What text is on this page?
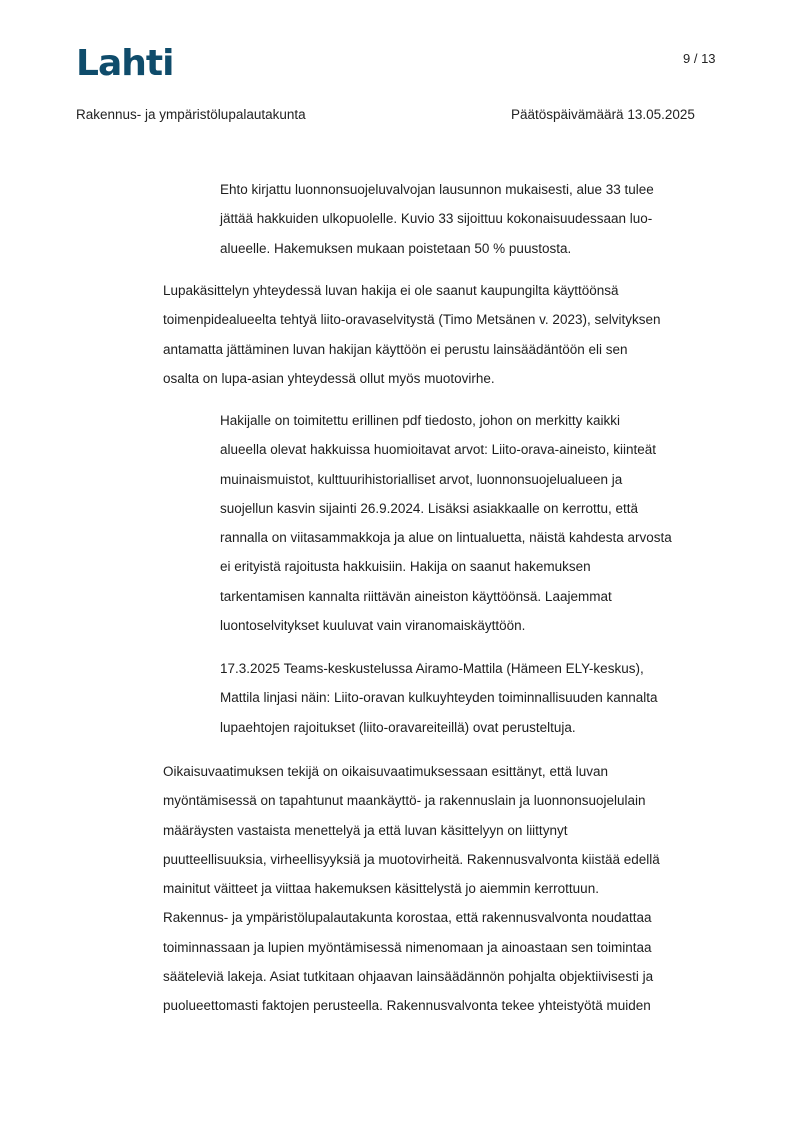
Lahti	9 / 13
Rakennus- ja ympäristölupalautakunta	Päätöspäivämäärä 13.05.2025
Ehto kirjattu luonnonsuojeluvalvojan lausunnon mukaisesti, alue 33 tulee
jättää hakkuiden ulkopuolelle. Kuvio 33 sijoittuu kokonaisuudessaan luo-
alueelle. Hakemuksen mukaan poistetaan 50 % puustosta.
Lupakäsittelyn yhteydessä luvan hakija ei ole saanut kaupungilta käyttöönsä
toimenpidealueelta tehtyä liito-oravaselvitystä (Timo Metsänen v. 2023), selvityksen
antamatta jättäminen luvan hakijan käyttöön ei perustu lainsäädäntöön eli sen
osalta on lupa-asian yhteydessä ollut myös muotovirhe.
Hakijalle on toimitettu erillinen pdf tiedosto, johon on merkitty kaikki
alueella olevat hakkuissa huomioitavat arvot: Liito-orava-aineisto, kiinteät
muinaismuistot, kulttuurihistorialliset arvot, luonnonsuojelualueen ja
suojellun kasvin sijainti 26.9.2024. Lisäksi asiakkaalle on kerrottu, että
rannalla on viitasammakkoja ja alue on lintualuetta, näistä kahdesta arvosta
ei erityistä rajoitusta hakkuisiin. Hakija on saanut hakemuksen
tarkentamisen kannalta riittävän aineiston käyttöönsä. Laajemmat
luontoselvitykset kuuluvat vain viranomaiskäyttöön.
17.3.2025 Teams-keskustelussa Airamo-Mattila (Hämeen ELY-keskus),
Mattila linjasi näin: Liito-oravan kulkuyhteyden toiminnallisuuden kannalta
lupaehtojen rajoitukset (liito-oravareiteillä) ovat perusteltuja.
Oikaisuvaatimuksen tekijä on oikaisuvaatimuksessaan esittänyt, että luvan
myöntämisessä on tapahtunut maankäyttö- ja rakennuslain ja luonnonsuojelulain
määräysten vastaista menettelyä ja että luvan käsittelyyn on liittynyt
puutteellisuuksia, virheellisyyksiä ja muotovirheitä. Rakennusvalvonta kiistää edellä
mainitut väitteet ja viittaa hakemuksen käsittelystä jo aiemmin kerrottuun.
Rakennus- ja ympäristölupalautakunta korostaa, että rakennusvalvonta noudattaa
toiminnassaan ja lupien myöntämisessä nimenomaan ja ainoastaan sen toimintaa
sääteleviä lakeja. Asiat tutkitaan ohjaavan lainsäädännön pohjalta objektiivisesti ja
puolueettomasti faktojen perusteella. Rakennusvalvonta tekee yhteistyötä muiden
